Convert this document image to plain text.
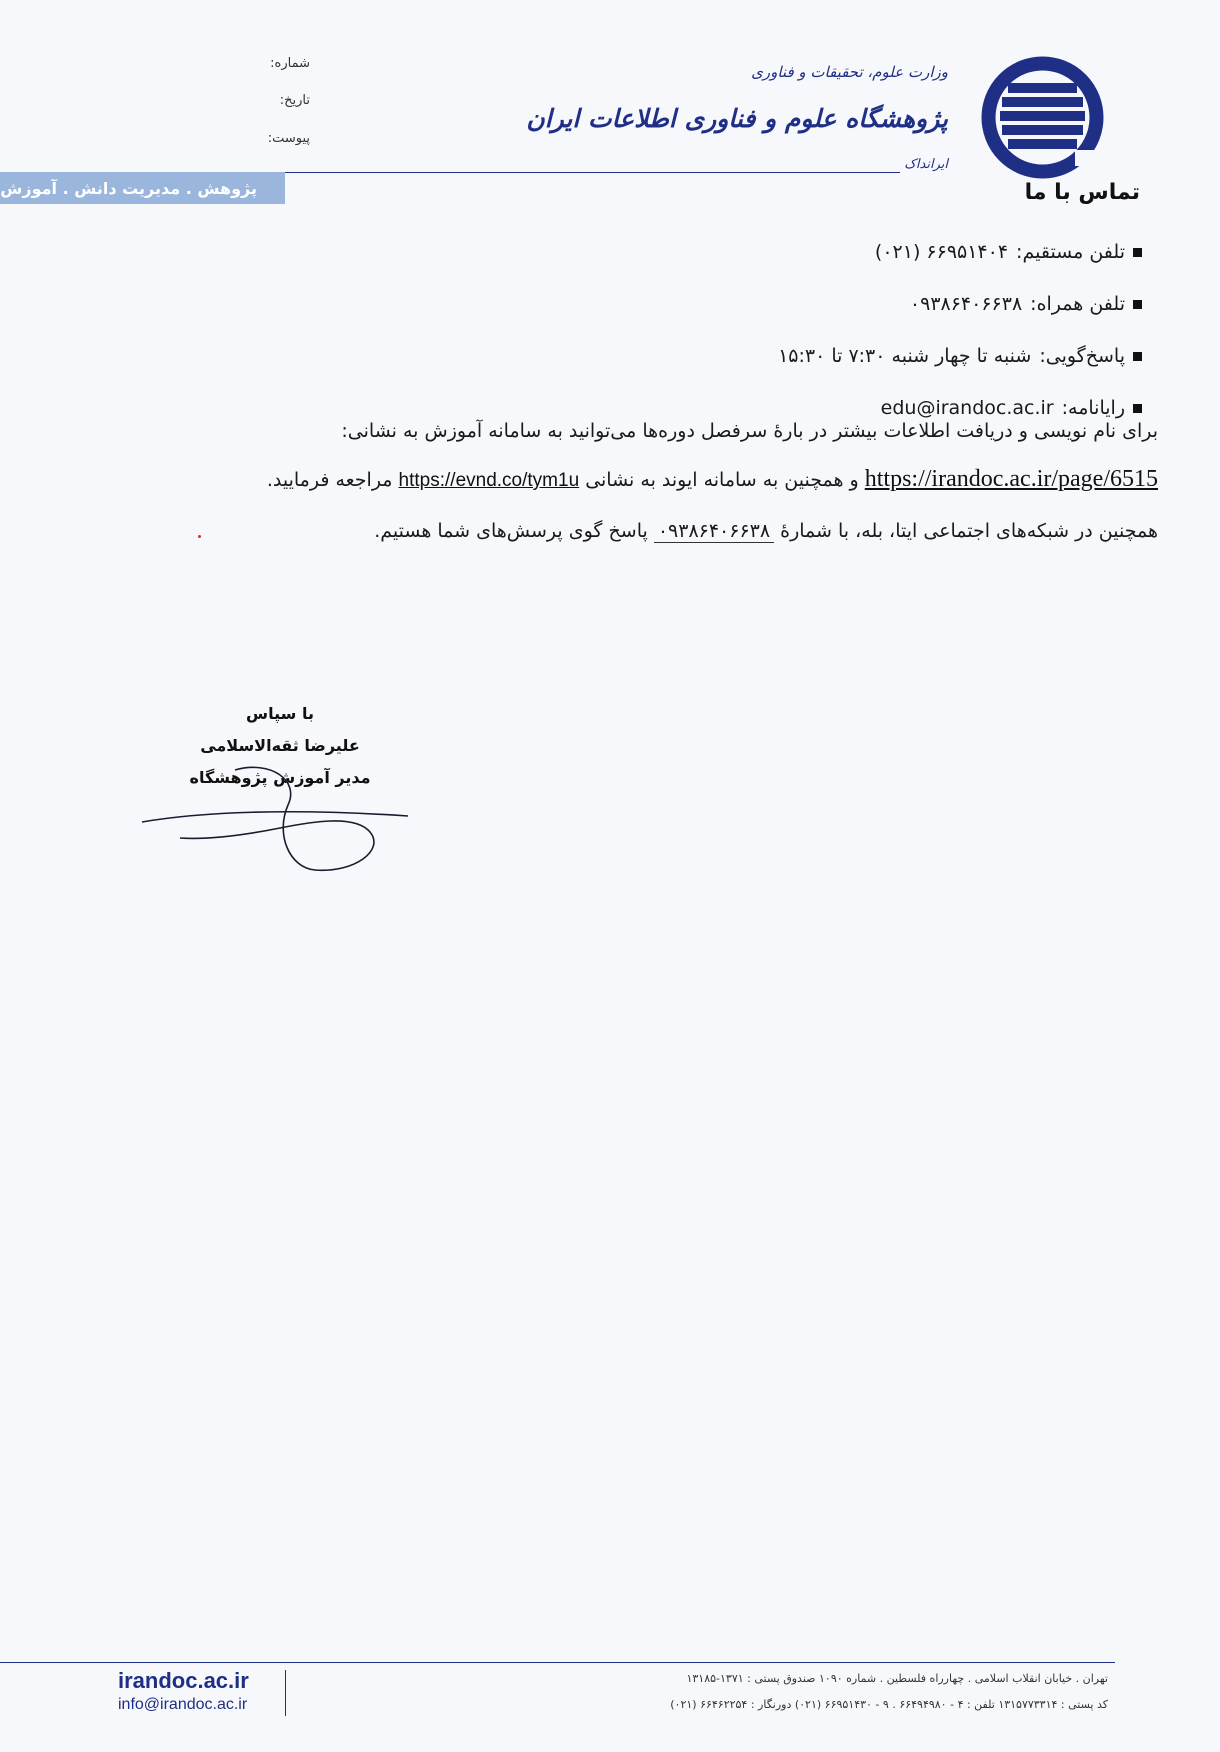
وزارت علوم، تحقیقات و فناوری
پژوهشگاه علوم و فناوری اطلاعات ایران
ایرانداک
پژوهش . مدیریت دانش . آموزش
شماره:
تاریخ:
پیوست:
تماس با ما
تلفن مستقیم:
۶۶۹۵۱۴۰۴ (۰۲۱)
تلفن همراه:
۰۹۳۸۶۴۰۶۶۳۸
پاسخ‌گویی:
شنبه تا چهار شنبه ۷:۳۰ تا ۱۵:۳۰
رایانامه:
edu@irandoc.ac.ir
برای نام نویسی و دریافت اطلاعات بیشتر در بارهٔ سرفصل دوره‌ها می‌توانید به سامانه آموزش به نشانی:
https://irandoc.ac.ir/page/6515 و همچنین به سامانه ایوند به نشانی https://evnd.co/tym1u مراجعه فرمایید.
همچنین در شبکه‌های اجتماعی ایتا، بله، با شمارهٔ ۰۹۳۸۶۴۰۶۶۳۸ پاسخ گوی پرسش‌های شما هستیم.
با سپاس
علیرضا ثقه‌الاسلامی
مدیر آموزش پژوهشگاه
irandoc.ac.ir
info@irandoc.ac.ir
تهران . خیابان انقلاب اسلامی . چهارراه فلسطین . شماره ۱۰۹۰ صندوق پستی : ۱۳۷۱-۱۳۱۸۵
کد پستی : ۱۳۱۵۷۷۳۳۱۴ تلفن : ۴ - ۶۶۴۹۴۹۸۰ . ۹ - ۶۶۹۵۱۴۳۰ (۰۲۱) دورنگار : ۶۶۴۶۲۲۵۴ (۰۲۱)
